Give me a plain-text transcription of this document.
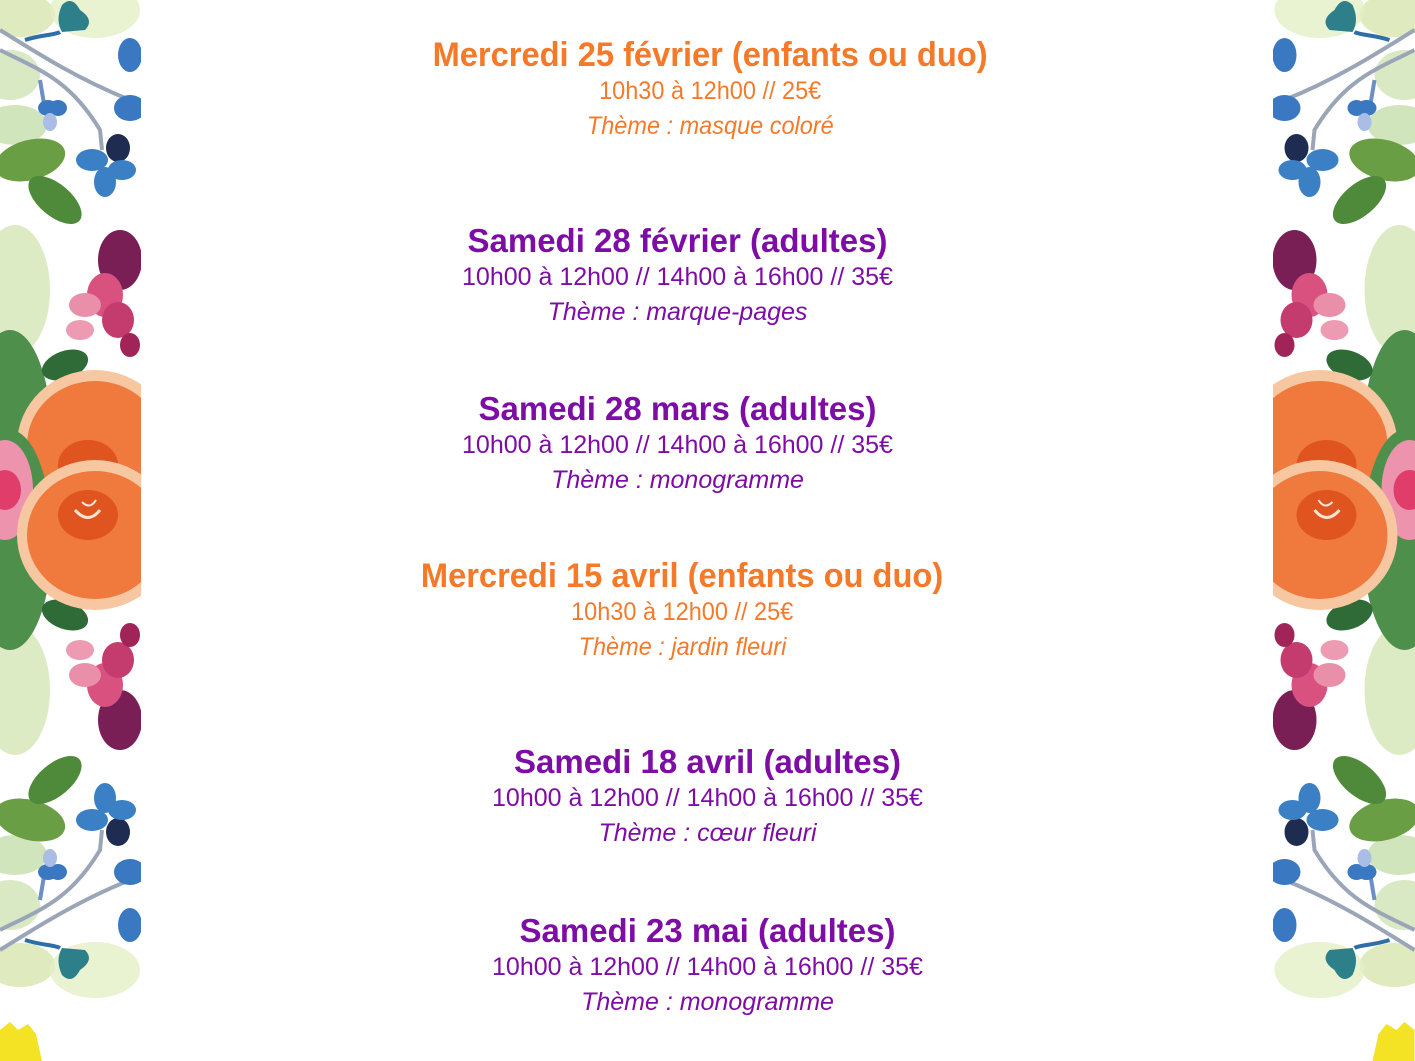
Mercredi 25 février (enfants ou duo)
10h30 à 12h00 // 25€
Thème : masque coloré
Samedi 28 février (adultes)
10h00 à 12h00 // 14h00 à 16h00 // 35€
Thème : marque-pages
Samedi 28 mars (adultes)
10h00 à 12h00 // 14h00 à 16h00 // 35€
Thème : monogramme
Mercredi 15 avril (enfants ou duo)
10h30 à 12h00 // 25€
Thème : jardin fleuri
Samedi 18 avril (adultes)
10h00 à 12h00 // 14h00 à 16h00 // 35€
Thème : cœur fleuri
Samedi 23 mai (adultes)
10h00 à 12h00 // 14h00 à 16h00 // 35€
Thème : monogramme
